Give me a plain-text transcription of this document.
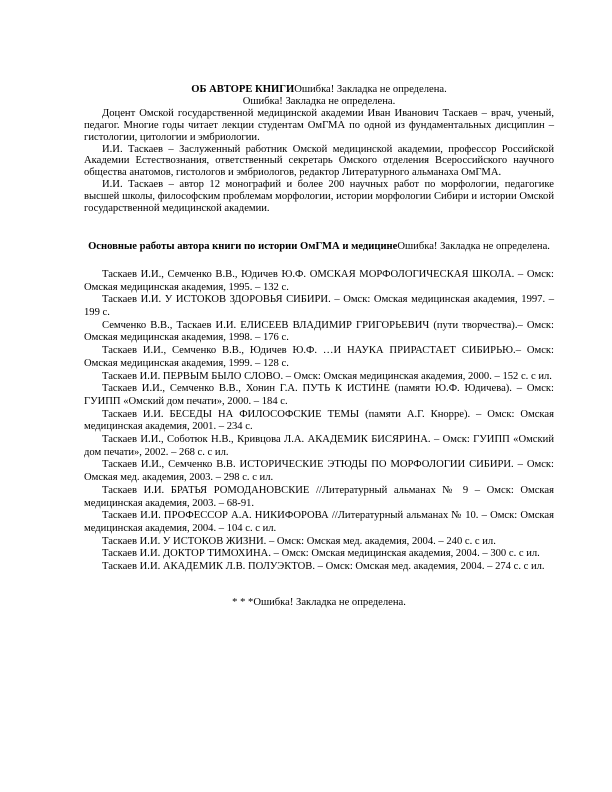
ОБ АВТОРЕ КНИГИОшибка! Закладка не определена.

Ошибка! Закладка не определена.

Доцент Омской государственной медицинской академии Иван Иванович Таскаев – врач, ученый, педагог. Многие годы читает лекции студентам ОмГМА по одной из фундаментальных дисциплин – гистологии, цитологии и эмбриологии.

И.И. Таскаев – Заслуженный работник Омской медицинской академии, профессор Российской Академии Естествознания, ответственный секретарь Омского отделения Всероссийского научного общества анатомов, гистологов и эмбриологов, редактор Литературного альманаха ОмГМА.

И.И. Таскаев – автор 12 монографий и более 200 научных работ по морфологии, педагогике высшей школы, философским проблемам морфологии, истории морфологии Сибири и истории Омской государственной медицинской академии.

Основные работы автора книги по истории ОмГМА и медицинеОшибка! Закладка не определена.

Таскаев И.И., Семченко В.В., Юдичев Ю.Ф. ОМСКАЯ МОРФОЛОГИЧЕСКАЯ ШКОЛА. – Омск: Омская медицинская академия, 1995. – 132 с.

Таскаев И.И. У ИСТОКОВ ЗДОРОВЬЯ СИБИРИ. – Омск: Омская медицинская академия, 1997. – 199 с.

Семченко В.В., Таскаев И.И. ЕЛИСЕЕВ ВЛАДИМИР ГРИГОРЬЕВИЧ (пути творчества).– Омск: Омская медицинская академия, 1998. – 176 с.

Таскаев И.И., Семченко В.В., Юдичев Ю.Ф. …И НАУКА ПРИРАСТАЕТ СИБИРЬЮ.– Омск: Омская медицинская академия, 1999. – 128 с.

Таскаев И.И. ПЕРВЫМ БЫЛО СЛОВО. – Омск: Омская медицинская академия, 2000. – 152 с. с ил.

Таскаев И.И., Семченко В.В., Хонин Г.А. ПУТЬ К ИСТИНЕ (памяти Ю.Ф. Юдичева). – Омск: ГУИПП «Омский дом печати», 2000. – 184 с.

Таскаев И.И. БЕСЕДЫ НА ФИЛОСОФСКИЕ ТЕМЫ (памяти А.Г. Кнорре). – Омск: Омская медицинская академия, 2001. – 234 с.

Таскаев И.И., Соботюк Н.В., Кривцова Л.А. АКАДЕМИК БИСЯРИНА. – Омск: ГУИПП «Омский дом печати», 2002. – 268 с. с ил.

Таскаев И.И., Семченко В.В. ИСТОРИЧЕСКИЕ ЭТЮДЫ ПО МОРФОЛОГИИ СИБИРИ. – Омск: Омская мед. академия, 2003. – 298 с. с ил.

Таскаев И.И. БРАТЬЯ РОМОДАНОВСКИЕ //Литературный альманах № 9 – Омск: Омская медицинская академия, 2003. – 68-91.

Таскаев И.И. ПРОФЕССОР А.А. НИКИФОРОВА //Литературный альманах № 10. – Омск: Омская медицинская академия, 2004. – 104 с. с ил.

Таскаев И.И. У ИСТОКОВ ЖИЗНИ. – Омск: Омская мед. академия, 2004. – 240 с. с ил.

Таскаев И.И. ДОКТОР ТИМОХИНА. – Омск: Омская медицинская академия, 2004. – 300 с. с ил.

Таскаев И.И. АКАДЕМИК Л.В. ПОЛУЭКТОВ. – Омск: Омская мед. академия, 2004. – 274 с. с ил.

* * *Ошибка! Закладка не определена.
